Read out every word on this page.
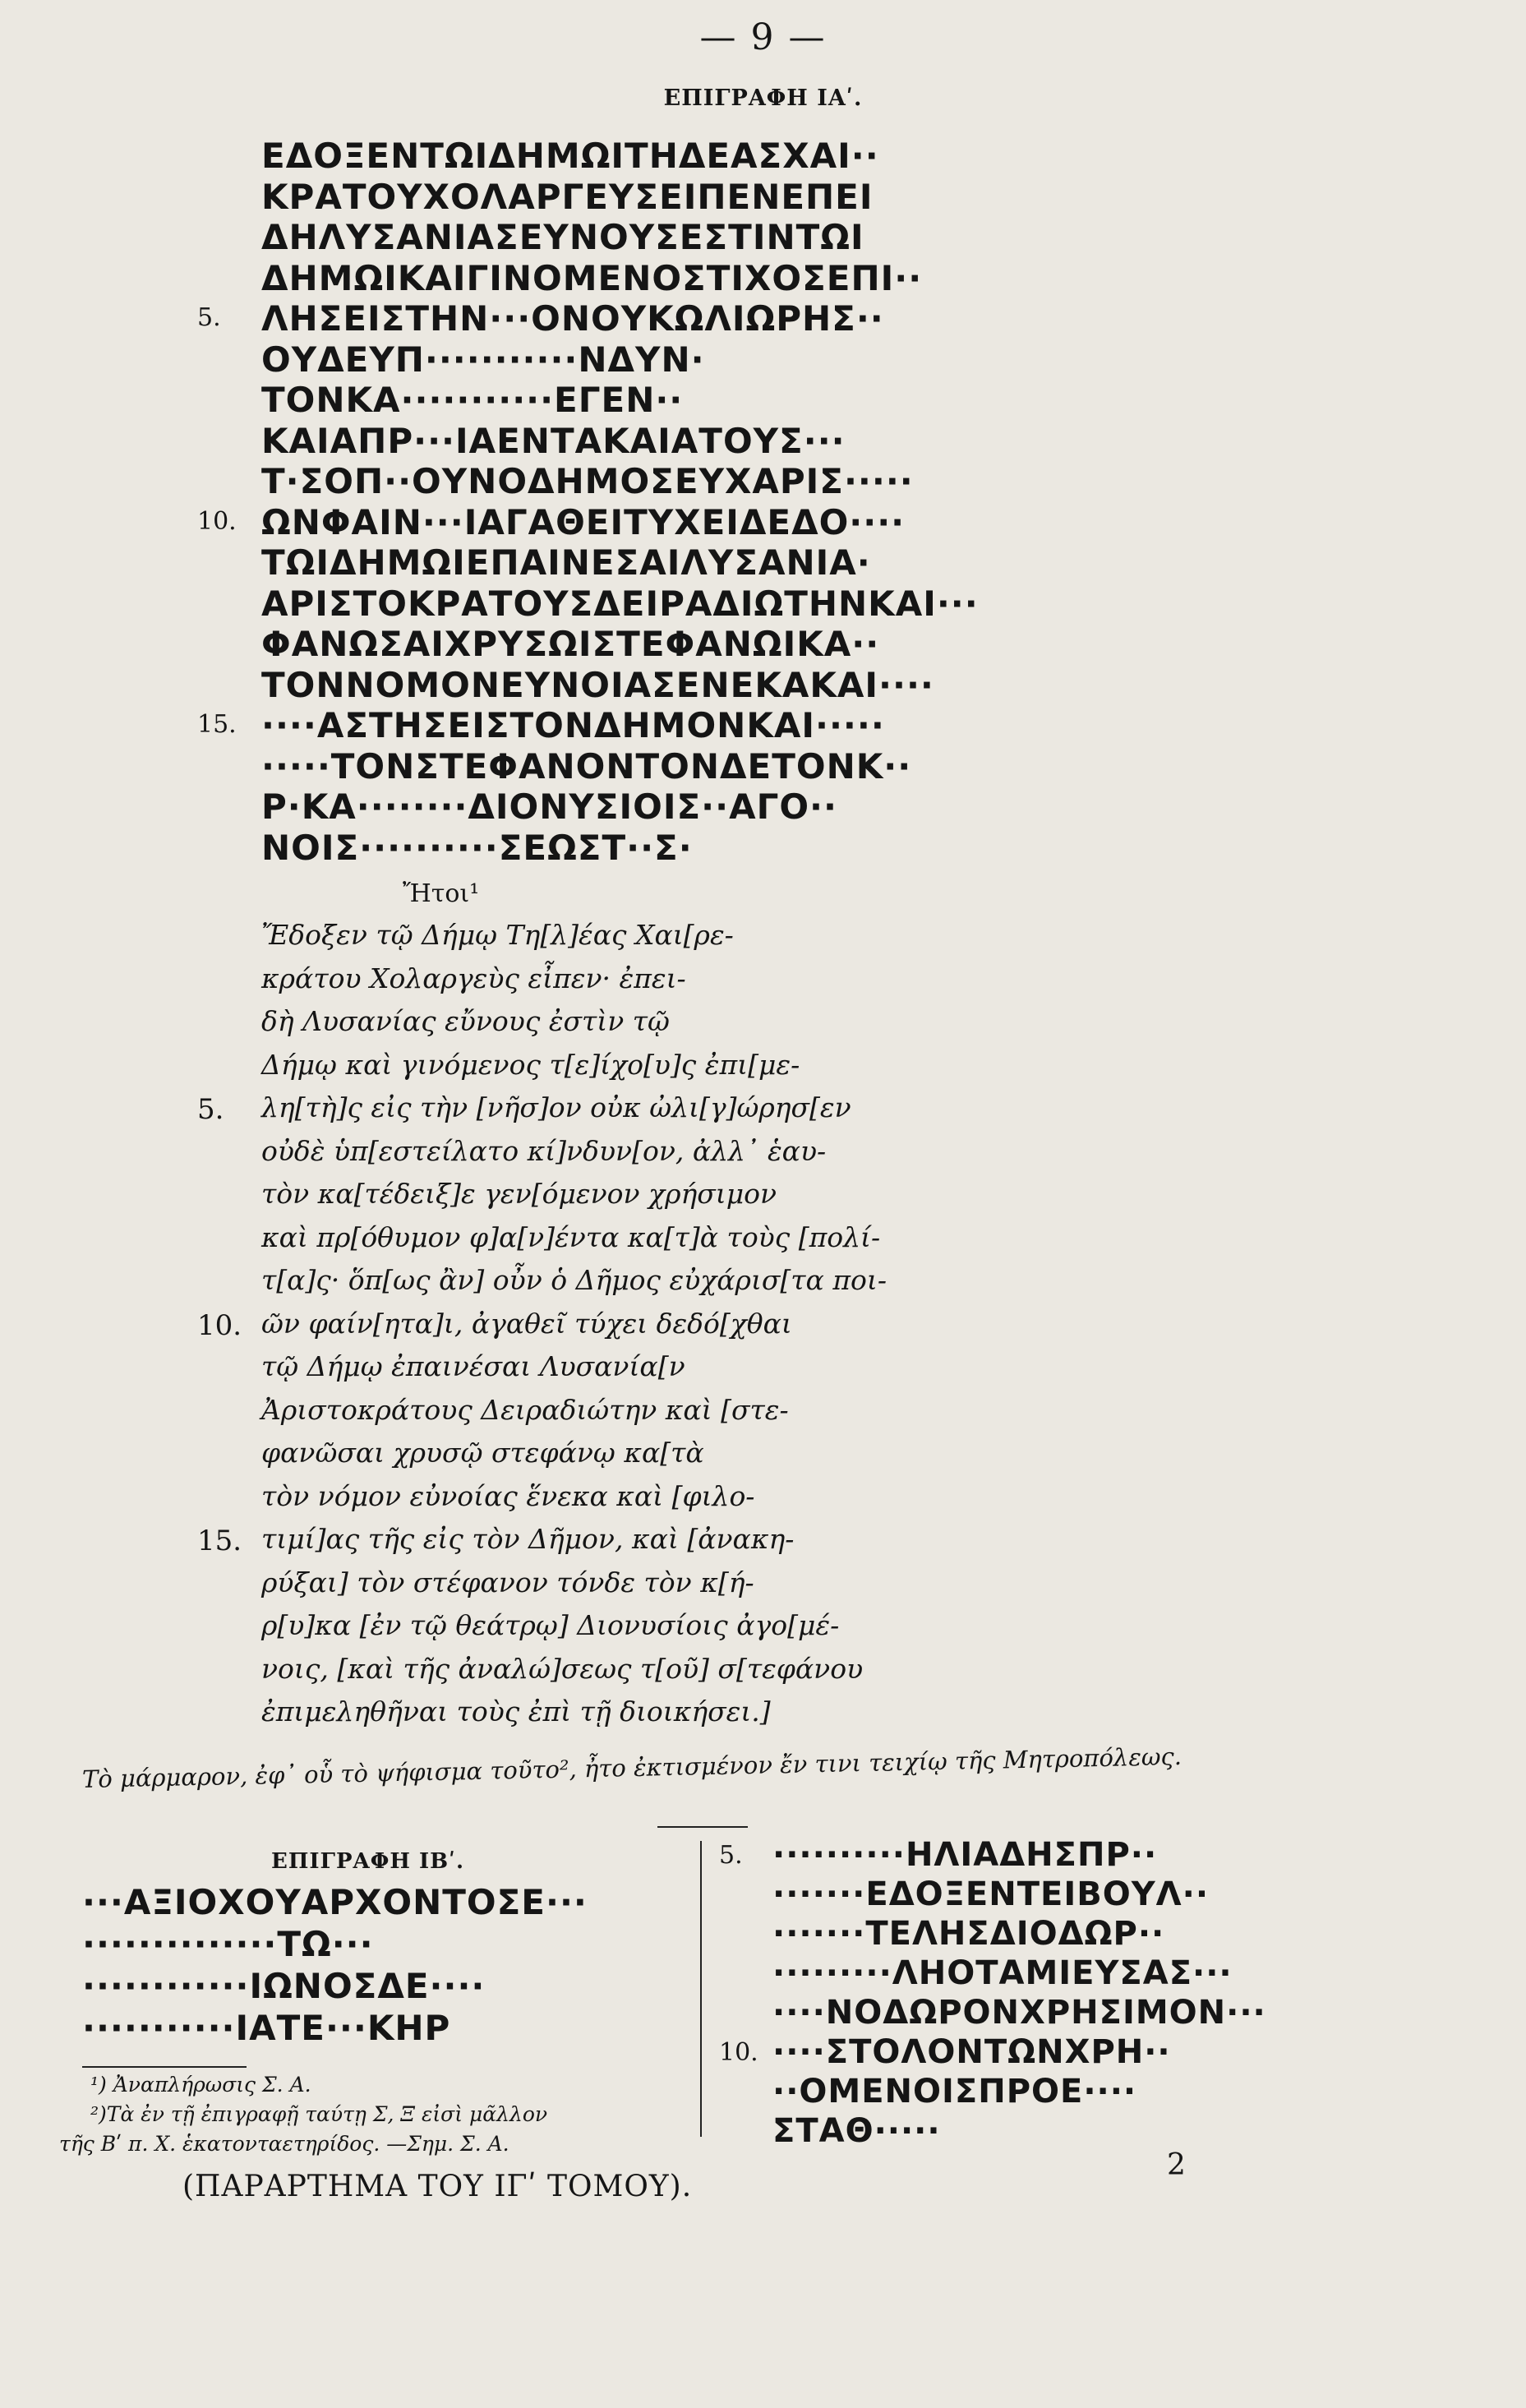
— 9 —
ΕΠΙΓΡΑΦΗ ΙΑʹ.
ΕΔΟΞΕΝΤΩΙΔΗΜΩΙΤΗΔΕΑΣΧΑΙ··
ΚΡΑΤΟΥΧΟΛΑΡΓΕΥΣΕΙΠΕΝΕΠΕΙ
ΔΗΛΥΣΑΝΙΑΣΕΥΝΟΥΣΕΣΤΙΝΤΩΙ
ΔΗΜΩΙΚΑΙΓΙΝΟΜΕΝΟΣΤΙΧΟΣΕΠΙ··
ΛΗΣΕΙΣΤΗΝ···ΟΝΟΥΚΩΛΙΩΡΗΣ··
5.
ΟΥΔΕΥΠ···········ΝΔΥΝ·
ΤΟΝΚΑ···········ΕΓΕΝ··
ΚΑΙΑΠΡ···ΙΑΕΝΤΑΚΑΙΑΤΟΥΣ···
Τ·ΣΟΠ··ΟΥΝΟΔΗΜΟΣΕΥΧΑΡΙΣ·····
ΩΝΦΑΙΝ···ΙΑΓΑΘΕΙΤΥΧΕΙΔΕΔΟ····
10.
ΤΩΙΔΗΜΩΙΕΠΑΙΝΕΣΑΙΛΥΣΑΝΙΑ·
ΑΡΙΣΤΟΚΡΑΤΟΥΣΔΕΙΡΑΔΙΩΤΗΝΚΑΙ···
ΦΑΝΩΣΑΙΧΡΥΣΩΙΣΤΕΦΑΝΩΙΚΑ··
ΤΟΝΝΟΜΟΝΕΥΝΟΙΑΣΕΝΕΚΑΚΑΙ····
····ΑΣΤΗΣΕΙΣΤΟΝΔΗΜΟΝΚΑΙ·····
15.
·····ΤΟΝΣΤΕΦΑΝΟΝΤΟΝΔΕΤΟΝΚ··
Ρ·ΚΑ········ΔΙΟΝΥΣΙΟΙΣ··ΑΓΟ··
ΝΟΙΣ··········ΣΕΩΣΤ··Σ·
Ἤτοι¹
Ἔδοξεν τῷ Δήμῳ Τη[λ]έας Χαι[ρε-
κράτου Χολαργεὺς εἶπεν· ἐπει-
δὴ Λυσανίας εὔνους ἐστὶν τῷ
Δήμῳ καὶ γινόμενος τ[ε]ίχο[υ]ς ἐπι[με-
λη[τὴ]ς εἰς τὴν [νῆσ]ον οὐκ ὠλι[γ]ώρησ[εν
5.
οὐδὲ ὑπ[εστείλατο κί]νδυν[ον, ἀλλ᾽ ἑαυ-
τὸν κα[τέδειξ]ε γεν[όμενον χρήσιμον
καὶ πρ[όθυμον φ]α[ν]έντα κα[τ]ὰ τοὺς [πολί-
τ[α]ς· ὅπ[ως ἂν] οὖν ὁ Δῆμος εὐχάρισ[τα ποι-
ῶν φαίν[ητα]ι, ἀγαθεῖ τύχει δεδό[χθαι
10.
τῷ Δήμῳ ἐπαινέσαι Λυσανία[ν
Ἀριστοκράτους Δειραδιώτην καὶ [στε-
φανῶσαι χρυσῷ στεφάνῳ κα[τὰ
τὸν νόμον εὐνοίας ἕνεκα καὶ [φιλο-
τιμί]ας τῆς εἰς τὸν Δῆμον, καὶ [ἀνακη-
15.
ρύξαι] τὸν στέφανον τόνδε τὸν κ[ή-
ρ[υ]κα [ἐν τῷ θεάτρῳ] Διονυσίοις ἀγο[μέ-
νοις, [καὶ τῆς ἀναλώ]σεως τ[οῦ] σ[τεφάνου
ἐπιμεληθῆναι τοὺς ἐπὶ τῇ διοικήσει.]
Τὸ μάρμαρον, ἐφ᾽ οὗ τὸ ψήφισμα τοῦτο², ἦτο ἐκτισμένον ἔν τινι τειχίῳ τῆς Μητροπόλεως.
ΕΠΙΓΡΑΦΗ ΙΒʹ.
···ΑΞΙΟΧΟΥΑΡΧΟΝΤΟΣΕ···
··············ΤΩ···
············ΙΩΝΟΣΔΕ····
···········ΙΑΤΕ···ΚΗΡ
··········ΗΛΙΑΔΗΣΠΡ··
5.
·······ΕΔΟΞΕΝΤΕΙΒΟΥΛ··
·······ΤΕΛΗΣΔΙΟΔΩΡ··
·········ΛΗΟΤΑΜΙΕΥΣΑΣ···
····ΝΟΔΩΡΟΝΧΡΗΣΙΜΟΝ···
····ΣΤΟΛΟΝΤΩΝΧΡΗ··
10.
··ΟΜΕΝΟΙΣΠΡΟΕ····
ΣΤΑΘ·····
¹) Ἀναπλήρωσις Σ. Α.
²)Τὰ ἐν τῇ ἐπιγραφῇ ταύτῃ Σ, Ξ εἰσὶ μᾶλλον
τῆς Βʹ π. Χ. ἑκατονταετηρίδος. —Σημ. Σ. Α.
(ΠΑΡΑΡΤΗΜΑ ΤΟΥ ΙΓʹ ΤΟΜΟΥ).
2
